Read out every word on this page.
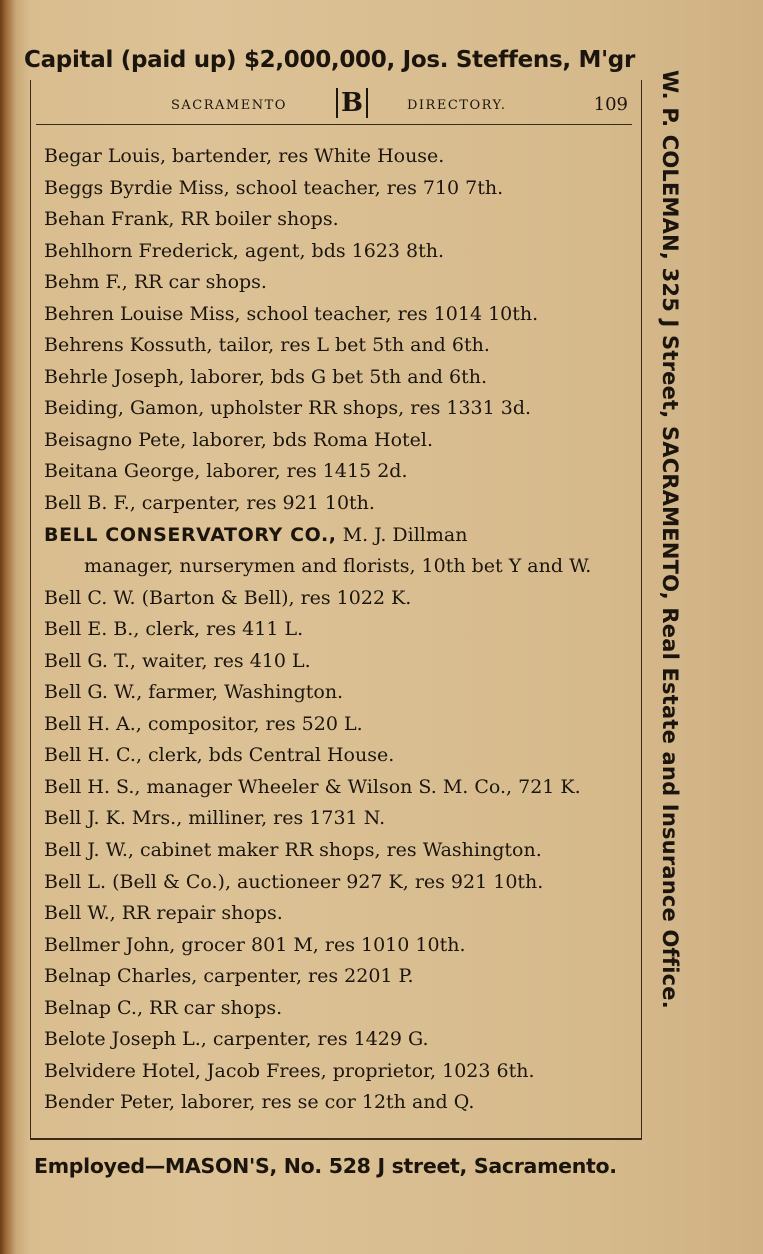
Capital (paid up) $2,000,000, Jos. Steffens, M'gr
SACRAMENTO B	DIRECTORY.	109
Begar Louis, bartender, res White House.
Beggs Byrdie Miss, school teacher, res 710 7th.
Behan Frank, RR boiler shops.
Behlhorn Frederick, agent, bds 1623 8th.
Behm F., RR car shops.
Behren Louise Miss, school teacher, res 1014 10th.
Behrens Kossuth, tailor, res L bet 5th and 6th.
Behrle Joseph, laborer, bds G bet 5th and 6th.
Beiding, Gamon, upholster RR shops, res 1331 3d.
Beisagno Pete, laborer, bds Roma Hotel.
Beitana George, laborer, res 1415 2d.
Bell B. F., carpenter, res 921 10th.
BELL CONSERVATORY CO., M. J. Dillman
manager, nurserymen and florists, 10th bet Y and W.
Bell C. W. (Barton & Bell), res 1022 K.
Bell E. B., clerk, res 411 L.
Bell G. T., waiter, res 410 L.
Bell G. W., farmer, Washington.
Bell H. A., compositor, res 520 L.
Bell H. C., clerk, bds Central House.
Bell H. S., manager Wheeler & Wilson S. M. Co., 721 K.
Bell J. K. Mrs., milliner, res 1731 N.
Bell J. W., cabinet maker RR shops, res Washington.
Bell L. (Bell & Co.), auctioneer 927 K, res 921 10th.
Bell W., RR repair shops.
Bellmer John, grocer 801 M, res 1010 10th.
Belnap Charles, carpenter, res 2201 P.
Belnap C., RR car shops.
Belote Joseph L., carpenter, res 1429 G.
Belvidere Hotel, Jacob Frees, proprietor, 1023 6th.
Bender Peter, laborer, res se cor 12th and Q.
W. P. COLEMAN, 325 J Street, SACRAMENTO, Real Estate and Insurance Office.
Employed—MASON'S, No. 528 J street, Sacramento.
